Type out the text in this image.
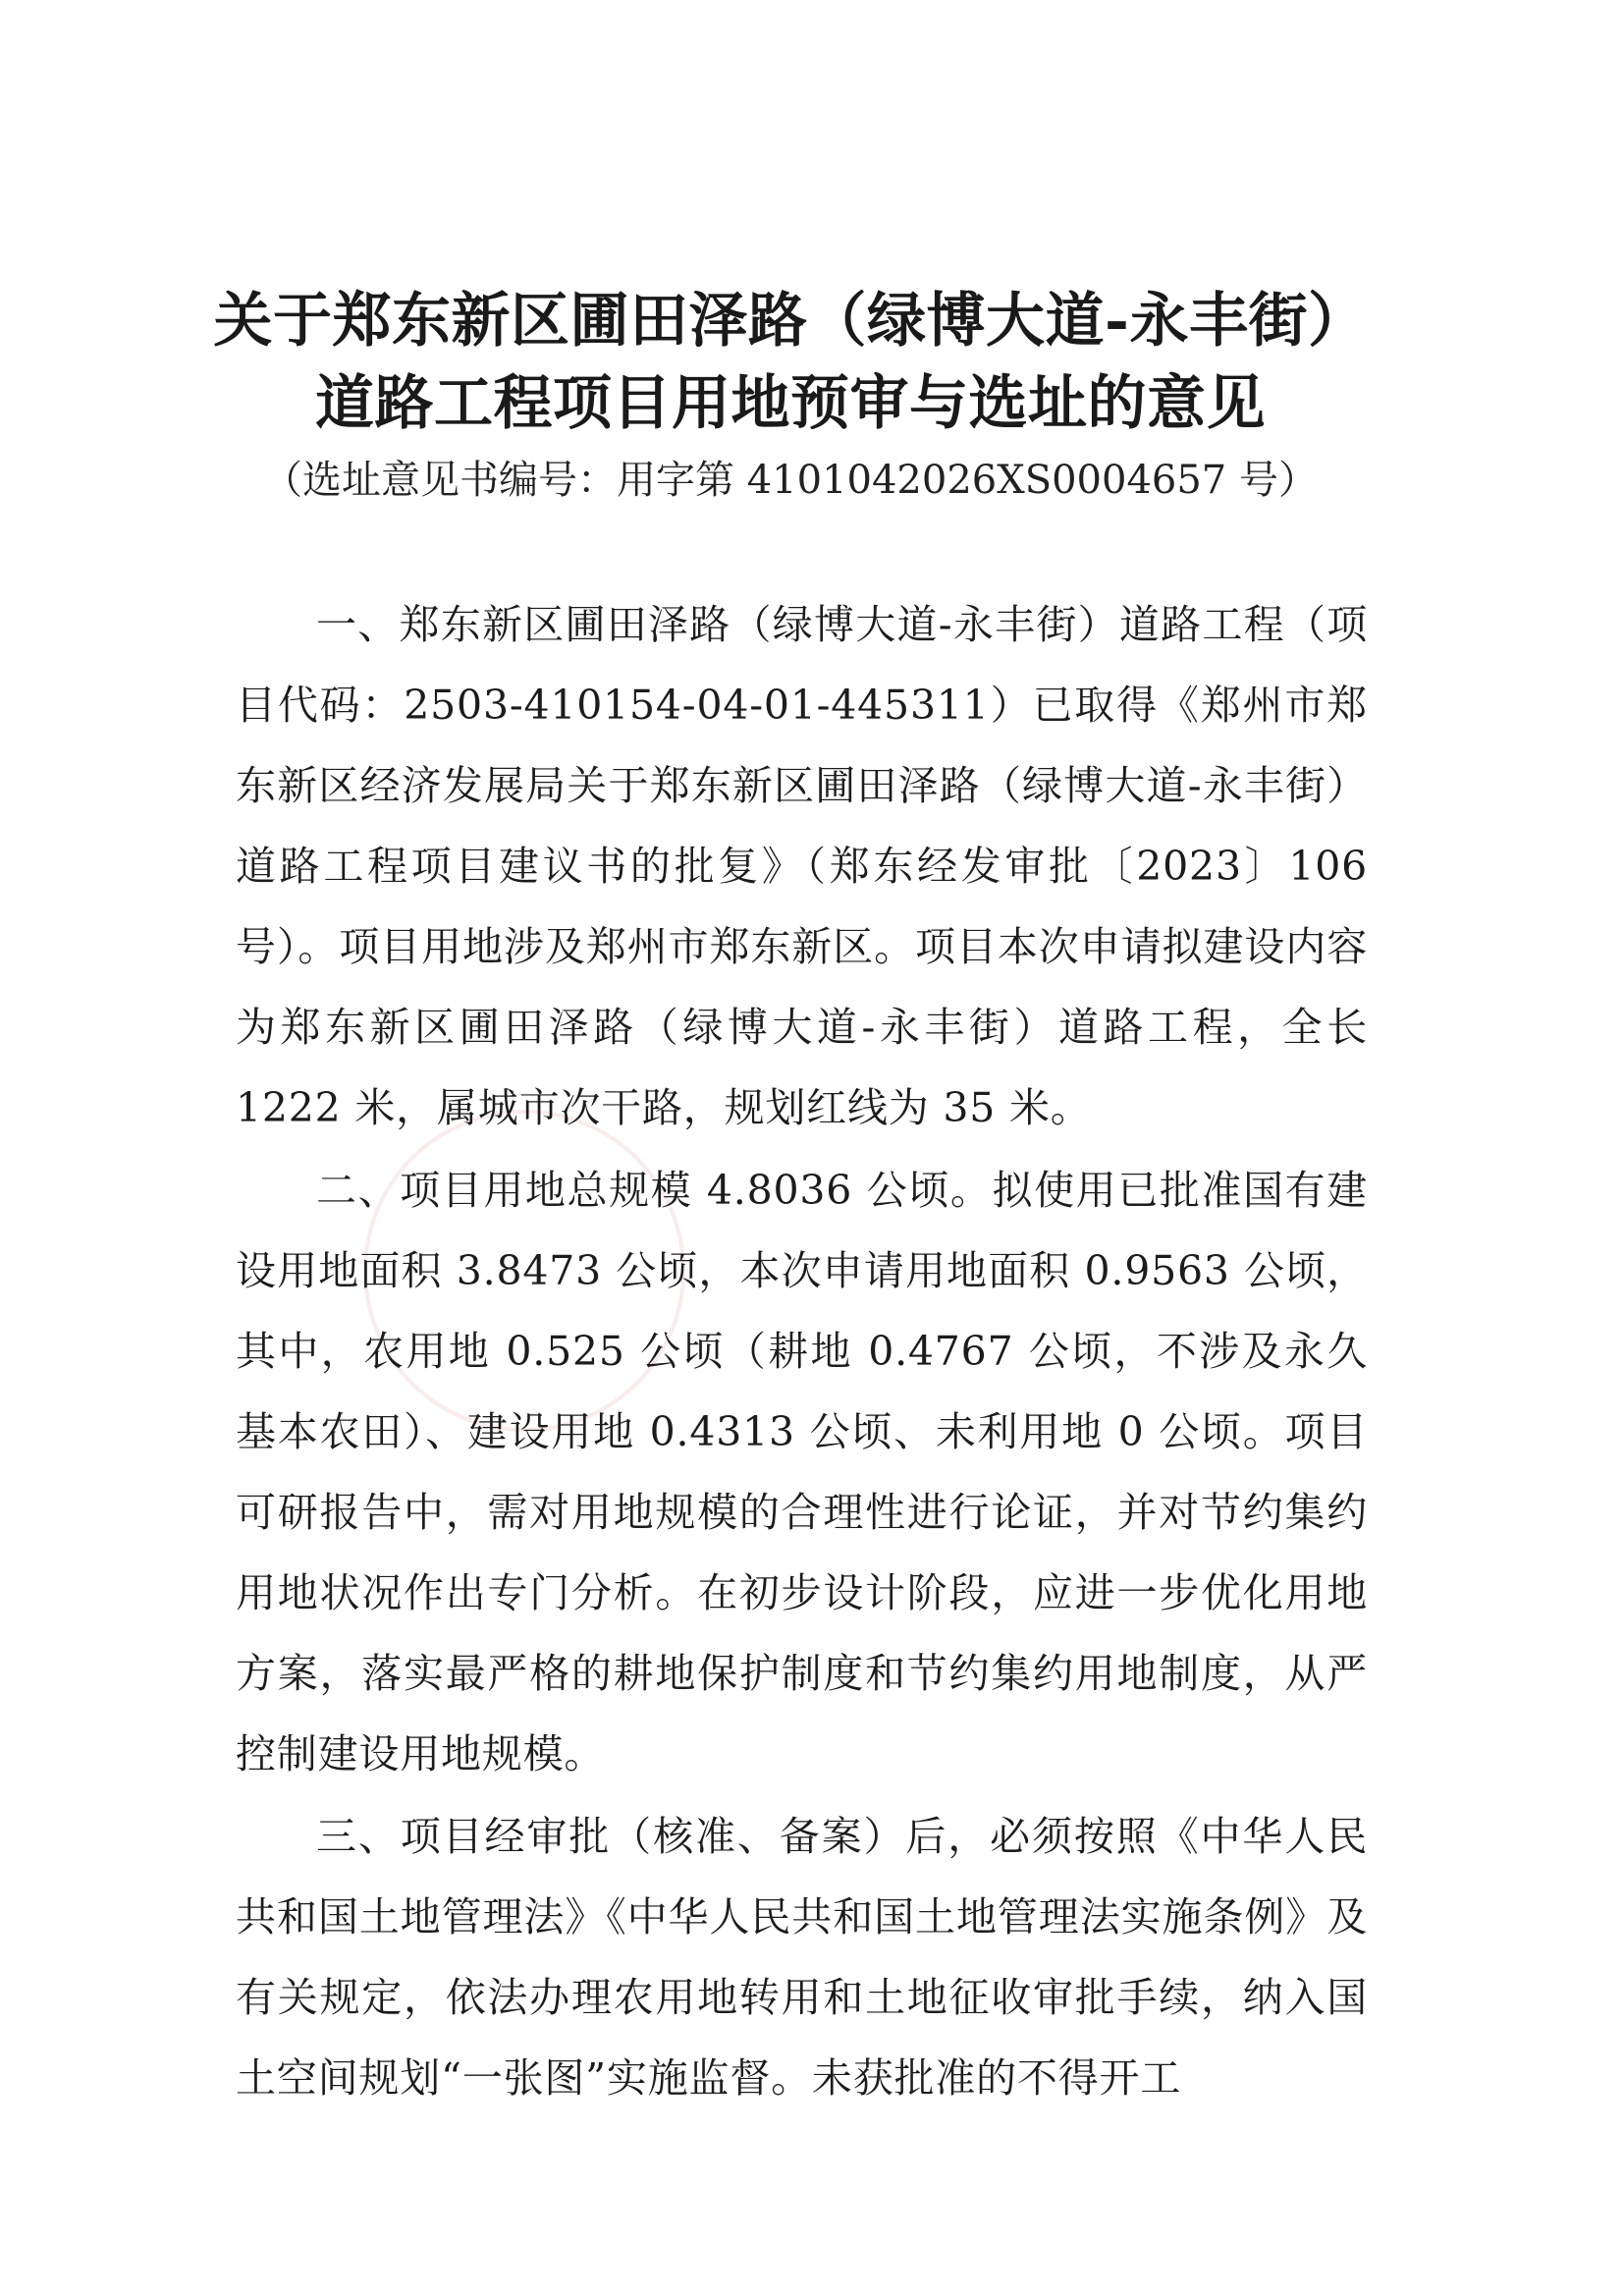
关于郑东新区圃田泽路（绿博大道-永丰街）
道路工程项目用地预审与选址的意见
（选址意见书编号：用字第 4101042026XS0004657 号）

一、郑东新区圃田泽路（绿博大道-永丰街）道路工程（项目代码：2503-410154-04-01-445311）已取得《郑州市郑东新区经济发展局关于郑东新区圃田泽路（绿博大道-永丰街）道路工程项目建议书的批复》（郑东经发审批〔2023〕106 号）。项目用地涉及郑州市郑东新区。项目本次申请拟建设内容为郑东新区圃田泽路（绿博大道-永丰街）道路工程，全长 1222 米，属城市次干路，规划红线为 35 米。

二、项目用地总规模 4.8036 公顷。拟使用已批准国有建设用地面积 3.8473 公顷，本次申请用地面积 0.9563 公顷，其中，农用地 0.525 公顷（耕地 0.4767 公顷，不涉及永久基本农田）、建设用地 0.4313 公顷、未利用地 0 公顷。项目可研报告中，需对用地规模的合理性进行论证，并对节约集约用地状况作出专门分析。在初步设计阶段，应进一步优化用地方案，落实最严格的耕地保护制度和节约集约用地制度，从严控制建设用地规模。

三、项目经审批（核准、备案）后，必须按照《中华人民共和国土地管理法》《中华人民共和国土地管理法实施条例》及有关规定，依法办理农用地转用和土地征收审批手续，纳入国土空间规划“一张图”实施监督。未获批准的不得开工
